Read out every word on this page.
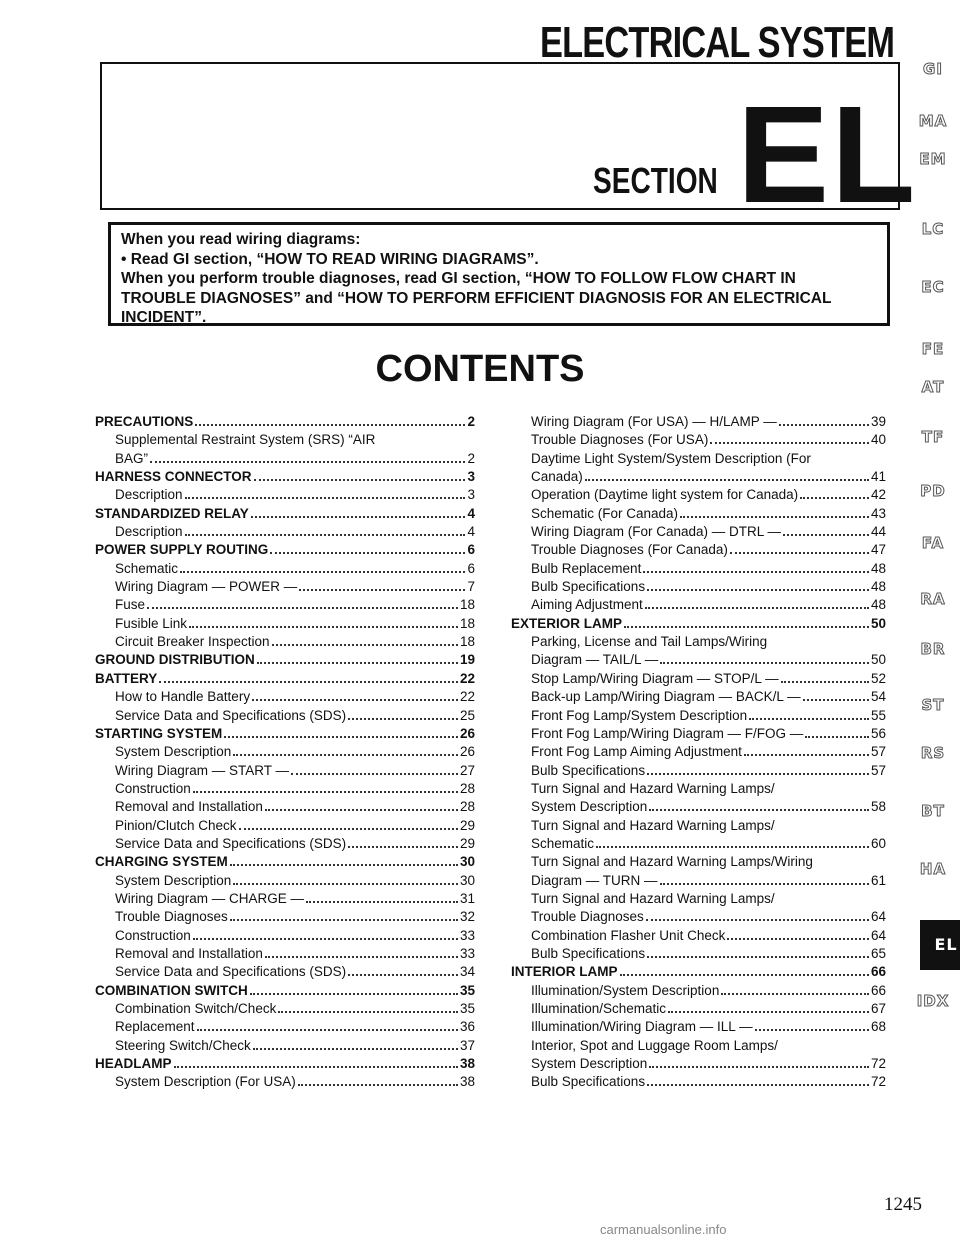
ELECTRICAL SYSTEM
SECTION EL
When you read wiring diagrams:
• Read GI section, “HOW TO READ WIRING DIAGRAMS”.
When you perform trouble diagnoses, read GI section, “HOW TO FOLLOW FLOW CHART IN
TROUBLE DIAGNOSES” and “HOW TO PERFORM EFFICIENT DIAGNOSIS FOR AN ELECTRICAL
INCIDENT”.
CONTENTS
PRECAUTIONS	2
Supplemental Restraint System (SRS) “AIR
BAG”	2
HARNESS CONNECTOR	3
Description	3
STANDARDIZED RELAY	4
Description	4
POWER SUPPLY ROUTING	6
Schematic	6
Wiring Diagram — POWER —	7
Fuse	18
Fusible Link	18
Circuit Breaker Inspection	18
GROUND DISTRIBUTION	19
BATTERY	22
How to Handle Battery	22
Service Data and Specifications (SDS)	25
STARTING SYSTEM	26
System Description	26
Wiring Diagram — START —	27
Construction	28
Removal and Installation	28
Pinion/Clutch Check	29
Service Data and Specifications (SDS)	29
CHARGING SYSTEM	30
System Description	30
Wiring Diagram — CHARGE —	31
Trouble Diagnoses	32
Construction	33
Removal and Installation	33
Service Data and Specifications (SDS)	34
COMBINATION SWITCH	35
Combination Switch/Check	35
Replacement	36
Steering Switch/Check	37
HEADLAMP	38
System Description (For USA)	38
Wiring Diagram (For USA) — H/LAMP —	39
Trouble Diagnoses (For USA)	40
Daytime Light System/System Description (For
Canada)	41
Operation (Daytime light system for Canada)	42
Schematic (For Canada)	43
Wiring Diagram (For Canada) — DTRL —	44
Trouble Diagnoses (For Canada)	47
Bulb Replacement	48
Bulb Specifications	48
Aiming Adjustment	48
EXTERIOR LAMP	50
Parking, License and Tail Lamps/Wiring
Diagram — TAIL/L —	50
Stop Lamp/Wiring Diagram — STOP/L —	52
Back-up Lamp/Wiring Diagram — BACK/L —	54
Front Fog Lamp/System Description	55
Front Fog Lamp/Wiring Diagram — F/FOG —	56
Front Fog Lamp Aiming Adjustment	57
Bulb Specifications	57
Turn Signal and Hazard Warning Lamps/
System Description	58
Turn Signal and Hazard Warning Lamps/
Schematic	60
Turn Signal and Hazard Warning Lamps/Wiring
Diagram — TURN —	61
Turn Signal and Hazard Warning Lamps/
Trouble Diagnoses	64
Combination Flasher Unit Check	64
Bulb Specifications	65
INTERIOR LAMP	66
Illumination/System Description	66
Illumination/Schematic	67
Illumination/Wiring Diagram — ILL —	68
Interior, Spot and Luggage Room Lamps/
System Description	72
Bulb Specifications	72
GI
MA
EM
LC
EC
FE
AT
TF
PD
FA
RA
BR
ST
RS
BT
HA
EL
IDX
1245
carmanualsonline.info
